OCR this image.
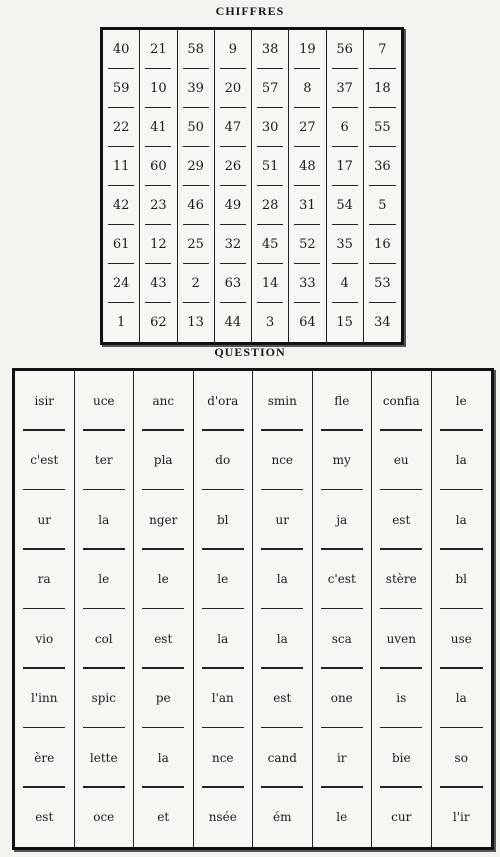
CHIFFRES
40	21	58	9	38	19	56	7
59	10	39	20	57	8	37	18
22	41	50	47	30	27	6	55
11	60	29	26	51	48	17	36
42	23	46	49	28	31	54	5
61	12	25	32	45	52	35	16
24	43	2	63	14	33	4	53
1	62	13	44	3	64	15	34
QUESTION
isir	uce	anc	d'ora	smin	fle	confia	le
c'est	ter	pla	do	nce	my	eu	la
ur	la	nger	bl	ur	ja	est	la
ra	le	le	le	la	c'est	stère	bl
vio	col	est	la	la	sca	uven	use
l'inn	spic	pe	l'an	est	one	is	la
ère	lette	la	nce	cand	ir	bie	so
est	oce	et	nsée	ém	le	cur	l'ir
